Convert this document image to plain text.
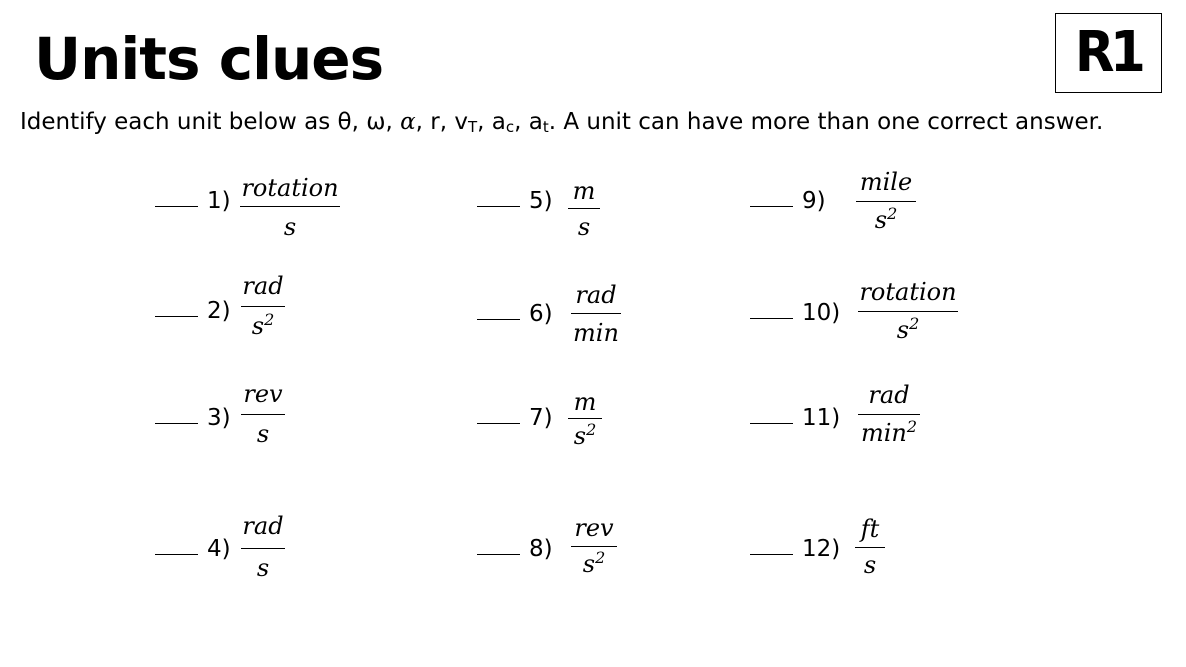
Units clues	R1
Identify each unit below as θ, ω, α, r, $v_T$, $a_c$, $a_t$. A unit can have more than one correct answer.
1) rotation
s
2)
rad
$s^2$
3)
rev
s
4)
rad
s
5) m
s
6)
rad
min
7)
m
$s^2$
8)
rev
$s^2$
9)
mile
$s^2$
10)
rotation
$s^2$
11)
rad
$\min^2$
12)
ft
s
